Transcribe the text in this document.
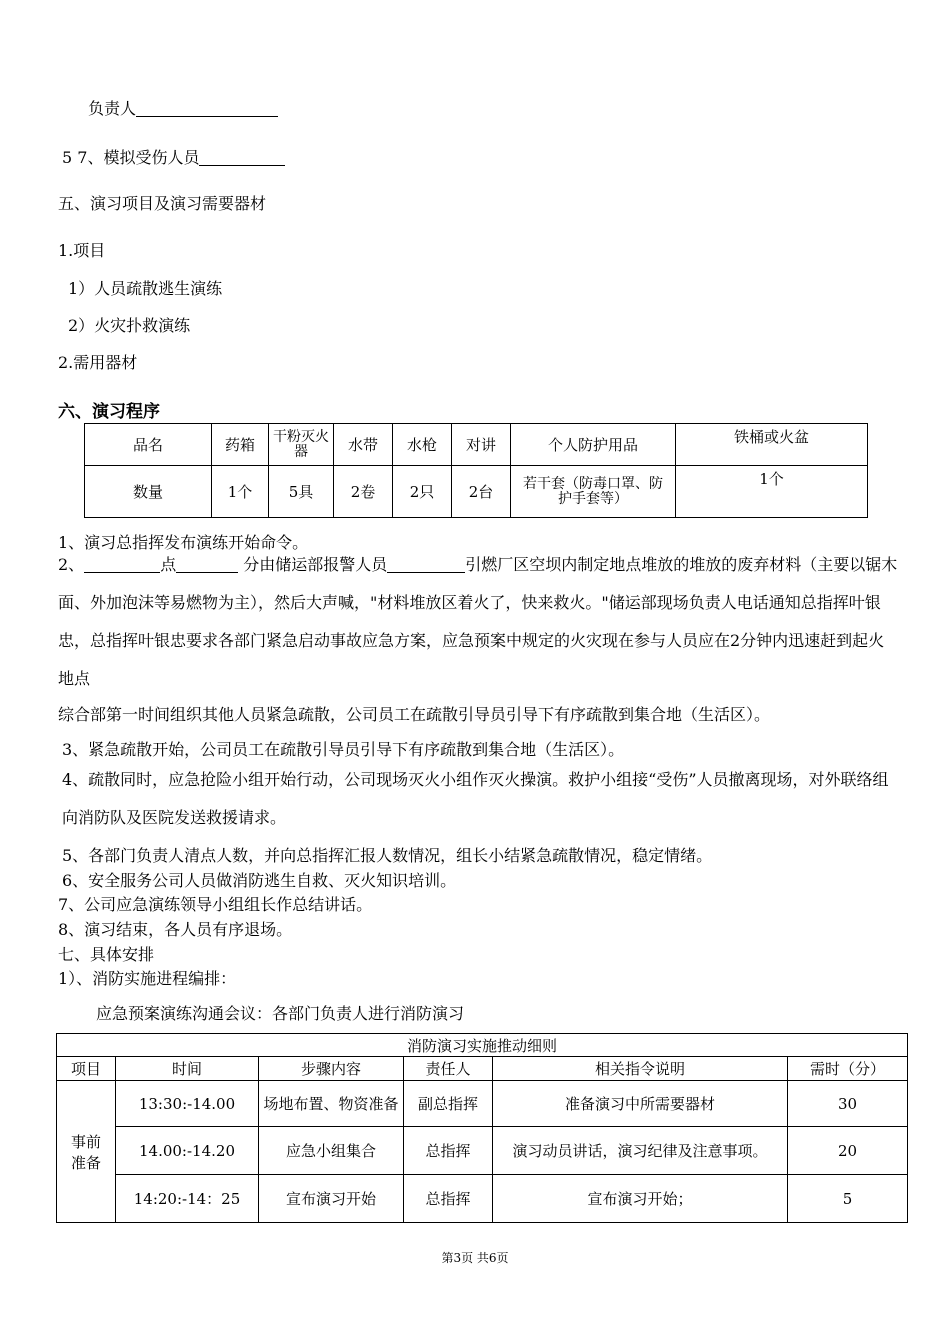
负责人
5 7、模拟受伤人员
五、演习项目及演习需要器材
1.项目
1）人员疏散逃生演练
2）火灾扑救演练
2.需用器材
六、演习程序
品名	药箱	干粉灭火器	水带	水枪	对讲	个人防护用品	铁桶或火盆
数量	1个	5具	2卷	2只	2台	若干套（防毒口罩、防护手套等）	1个
1、演习总指挥发布演练开始命令。
2、	点	分由储运部报警人员	引燃厂区空坝内制定地点堆放的堆放的废弃材料（主要以锯木面、外加泡沫等易燃物为主），然后大声喊，"材料堆放区着火了，快来救火。"储运部现场负责人电话通知总指挥叶银忠，总指挥叶银忠要求各部门紧急启动事故应急方案，应急预案中规定的火灾现在参与人员应在2分钟内迅速赶到起火地点
综合部第一时间组织其他人员紧急疏散，公司员工在疏散引导员引导下有序疏散到集合地（生活区）。
3、紧急疏散开始，公司员工在疏散引导员引导下有序疏散到集合地（生活区）。
4、疏散同时，应急抢险小组开始行动，公司现场灭火小组作灭火操演。救护小组接“受伤”人员撤离现场，对外联络组向消防队及医院发送救援请求。
5、各部门负责人清点人数，并向总指挥汇报人数情况，组长小结紧急疏散情况，稳定情绪。
6、安全服务公司人员做消防逃生自救、灭火知识培训。
7、公司应急演练领导小组组长作总结讲话。
8、演习结束，各人员有序退场。
七、具体安排
1）、消防实施进程编排：
应急预案演练沟通会议：各部门负责人进行消防演习
消防演习实施推动细则					
项目	时间	步骤内容	责任人	相关指令说明	需时（分）
事前准备	13:30:-14.00	场地布置、物资准备	副总指挥	准备演习中所需要器材	30
	14.00:-14.20	应急小组集合	总指挥	演习动员讲话，演习纪律及注意事项。	20
	14:20:-14：25	宣布演习开始	总指挥	宣布演习开始；	5
第3页 共6页
